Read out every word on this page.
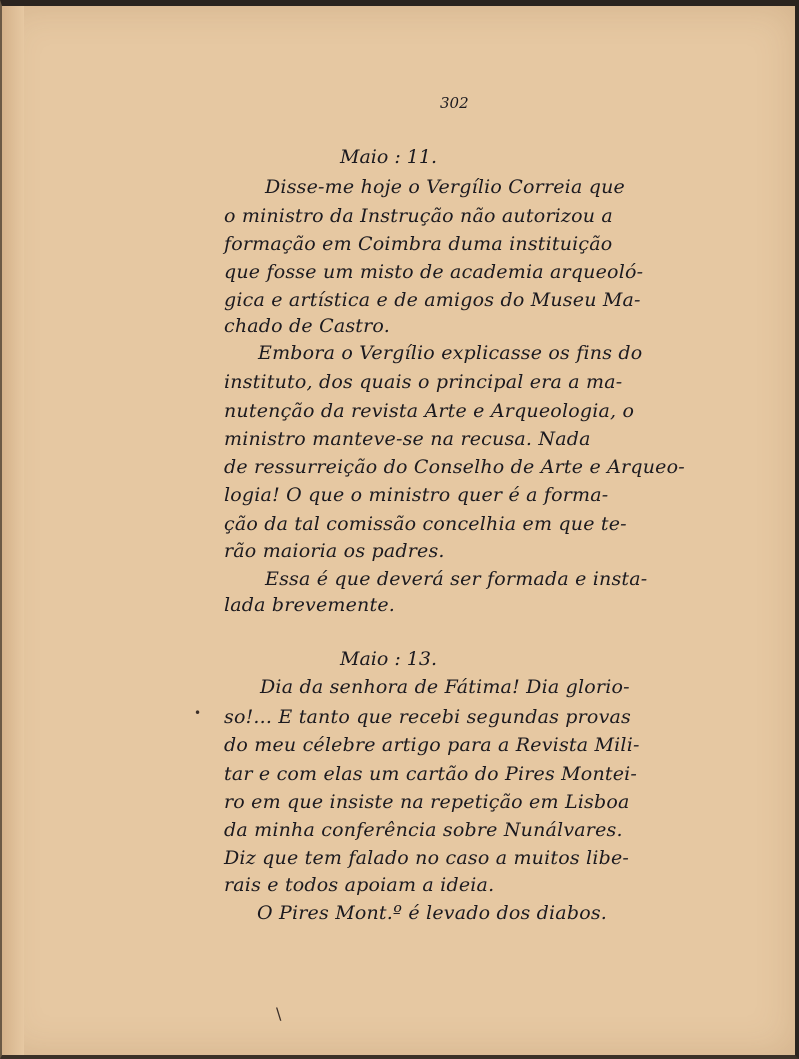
•
\
302
Maio : 11.
Disse-me hoje o Vergílio Correia que
o ministro da Instrução não autorizou a
formação em Coimbra duma instituição
que fosse um misto de academia arqueoló-
gica e artística e de amigos do Museu Ma-
chado de Castro.
Embora o Vergílio explicasse os fins do
instituto, dos quais o principal era a ma-
nutenção da revista Arte e Arqueologia, o
ministro manteve-se na recusa. Nada
de ressurreição do Conselho de Arte e Arqueo-
logia! O que o ministro quer é a forma-
ção da tal comissão concelhia em que te-
rão maioria os padres.
Essa é que deverá ser formada e insta-
lada brevemente.
Maio : 13.
Dia da senhora de Fátima! Dia glorio-
so!... E tanto que recebi segundas provas
do meu célebre artigo para a Revista Mili-
tar e com elas um cartão do Pires Montei-
ro em que insiste na repetição em Lisboa
da minha conferência sobre Nunálvares.
Diz que tem falado no caso a muitos libe-
rais e todos apoiam a ideia.
O Pires Mont.º é levado dos diabos.
